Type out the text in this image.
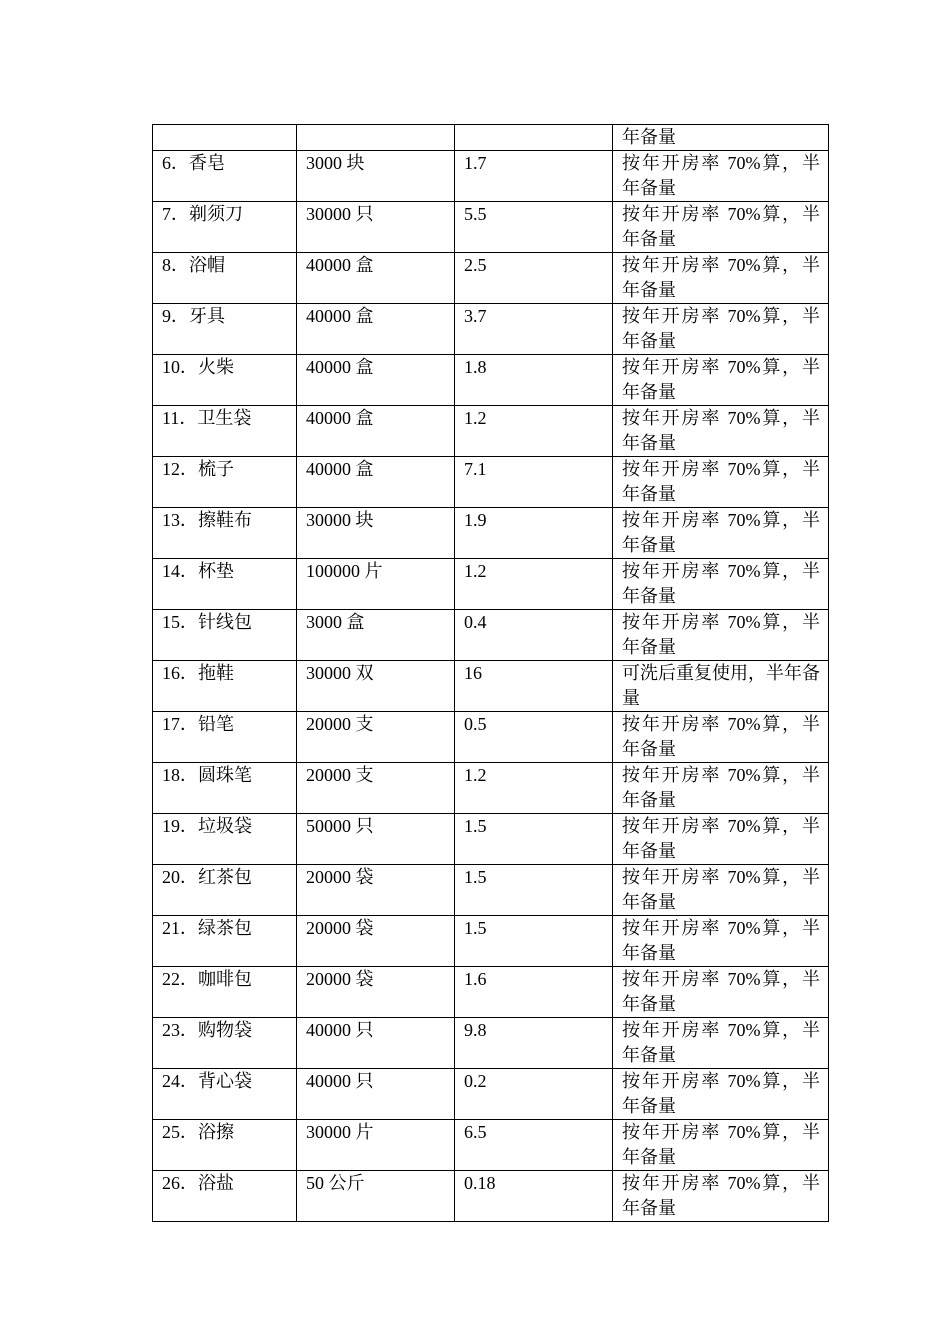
			年备量
6．香皂	3000 块	1.7	按年开房率 70%算，半年备量
7．剃须刀	30000 只	5.5	按年开房率 70%算，半年备量
8．浴帽	40000 盒	2.5	按年开房率 70%算，半年备量
9．牙具	40000 盒	3.7	按年开房率 70%算，半年备量
10．火柴	40000 盒	1.8	按年开房率 70%算，半年备量
11．卫生袋	40000 盒	1.2	按年开房率 70%算，半年备量
12．梳子	40000 盒	7.1	按年开房率 70%算，半年备量
13．擦鞋布	30000 块	1.9	按年开房率 70%算，半年备量
14．杯垫	100000 片	1.2	按年开房率 70%算，半年备量
15．针线包	3000 盒	0.4	按年开房率 70%算，半年备量
16．拖鞋	30000 双	16	可洗后重复使用，半年备量
17．铅笔	20000 支	0.5	按年开房率 70%算，半年备量
18．圆珠笔	20000 支	1.2	按年开房率 70%算，半年备量
19．垃圾袋	50000 只	1.5	按年开房率 70%算，半年备量
20．红茶包	20000 袋	1.5	按年开房率 70%算，半年备量
21．绿茶包	20000 袋	1.5	按年开房率 70%算，半年备量
22．咖啡包	20000 袋	1.6	按年开房率 70%算，半年备量
23．购物袋	40000 只	9.8	按年开房率 70%算，半年备量
24．背心袋	40000 只	0.2	按年开房率 70%算，半年备量
25．浴擦	30000 片	6.5	按年开房率 70%算，半年备量
26．浴盐	50 公斤	0.18	按年开房率 70%算，半年备量
